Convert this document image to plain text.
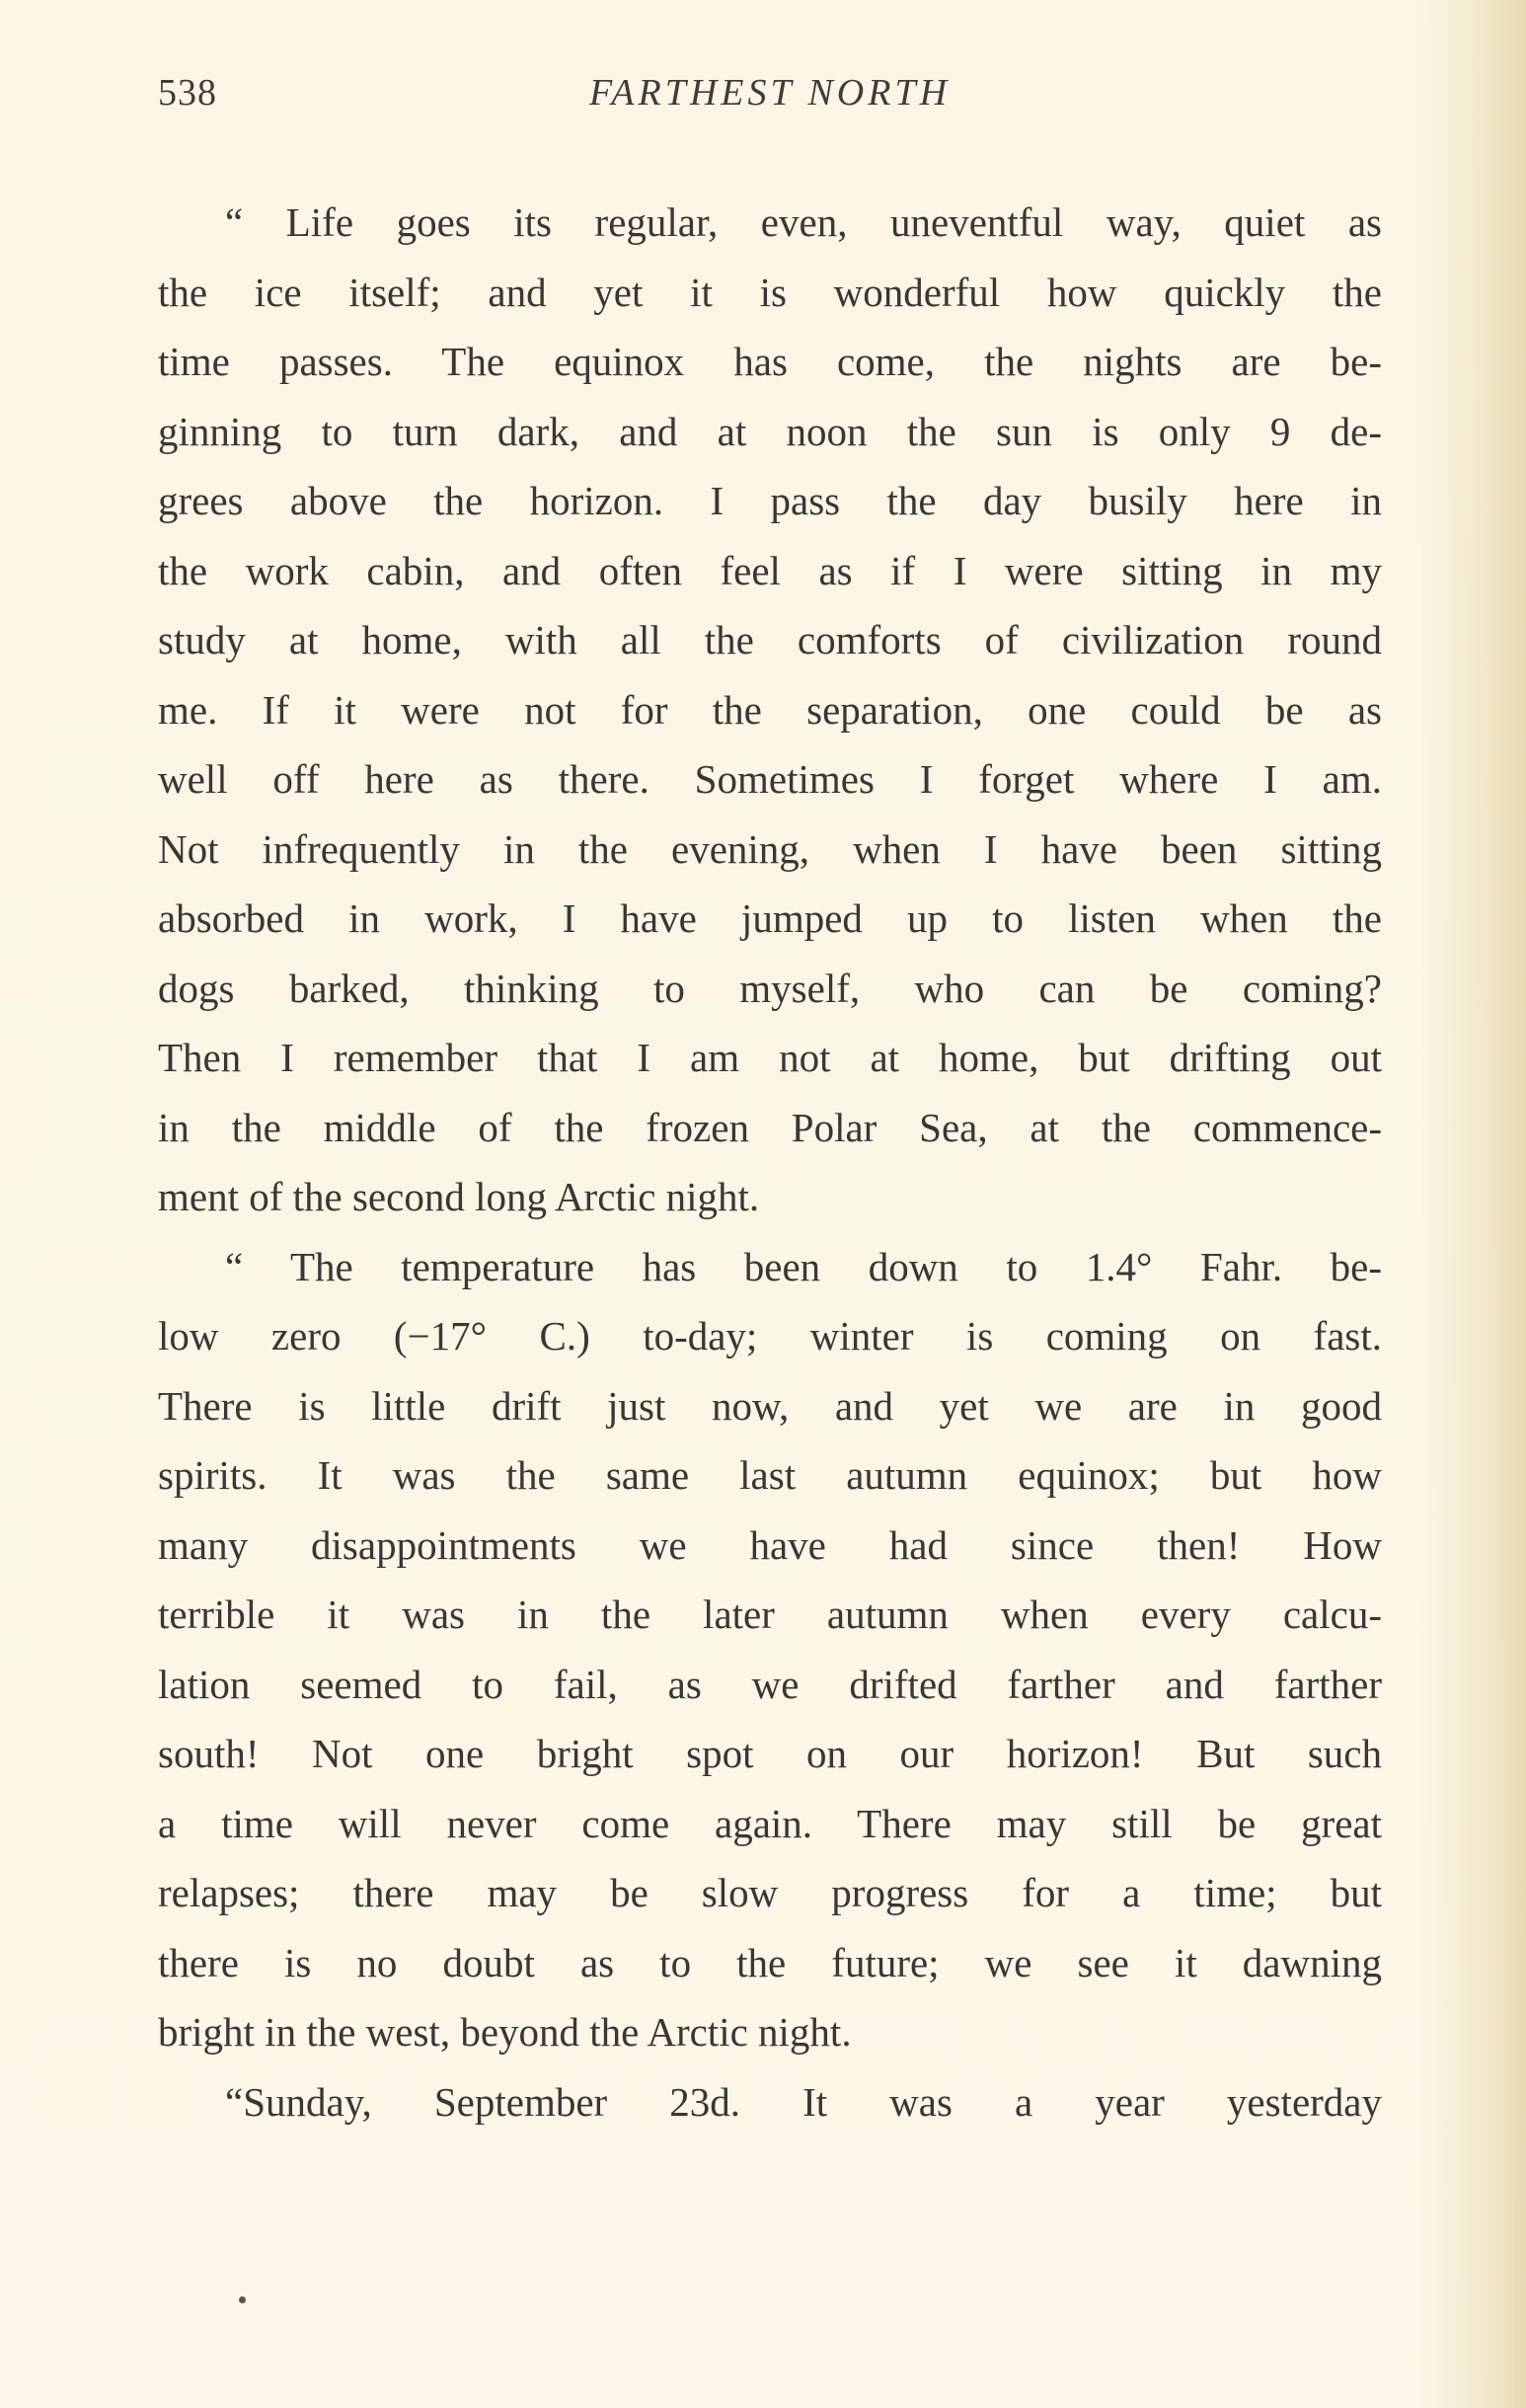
538	FARTHEST NORTH
“ Life goes its regular, even, uneventful way, quiet as
the ice itself; and yet it is wonderful how quickly the
time passes. The equinox has come, the nights are be-
ginning to turn dark, and at noon the sun is only 9 de-
grees above the horizon. I pass the day busily here in
the work cabin, and often feel as if I were sitting in my
study at home, with all the comforts of civilization round
me. If it were not for the separation, one could be as
well off here as there. Sometimes I forget where I am.
Not infrequently in the evening, when I have been sitting
absorbed in work, I have jumped up to listen when the
dogs barked, thinking to myself, who can be coming?
Then I remember that I am not at home, but drifting out
in the middle of the frozen Polar Sea, at the commence-
ment of the second long Arctic night.
“ The temperature has been down to 1.4° Fahr. be-
low zero (−17° C.) to-day; winter is coming on fast.
There is little drift just now, and yet we are in good
spirits. It was the same last autumn equinox; but how
many disappointments we have had since then! How
terrible it was in the later autumn when every calcu-
lation seemed to fail, as we drifted farther and farther
south! Not one bright spot on our horizon! But such
a time will never come again. There may still be great
relapses; there may be slow progress for a time; but
there is no doubt as to the future; we see it dawning
bright in the west, beyond the Arctic night.
“Sunday, September 23d. It was a year yesterday
